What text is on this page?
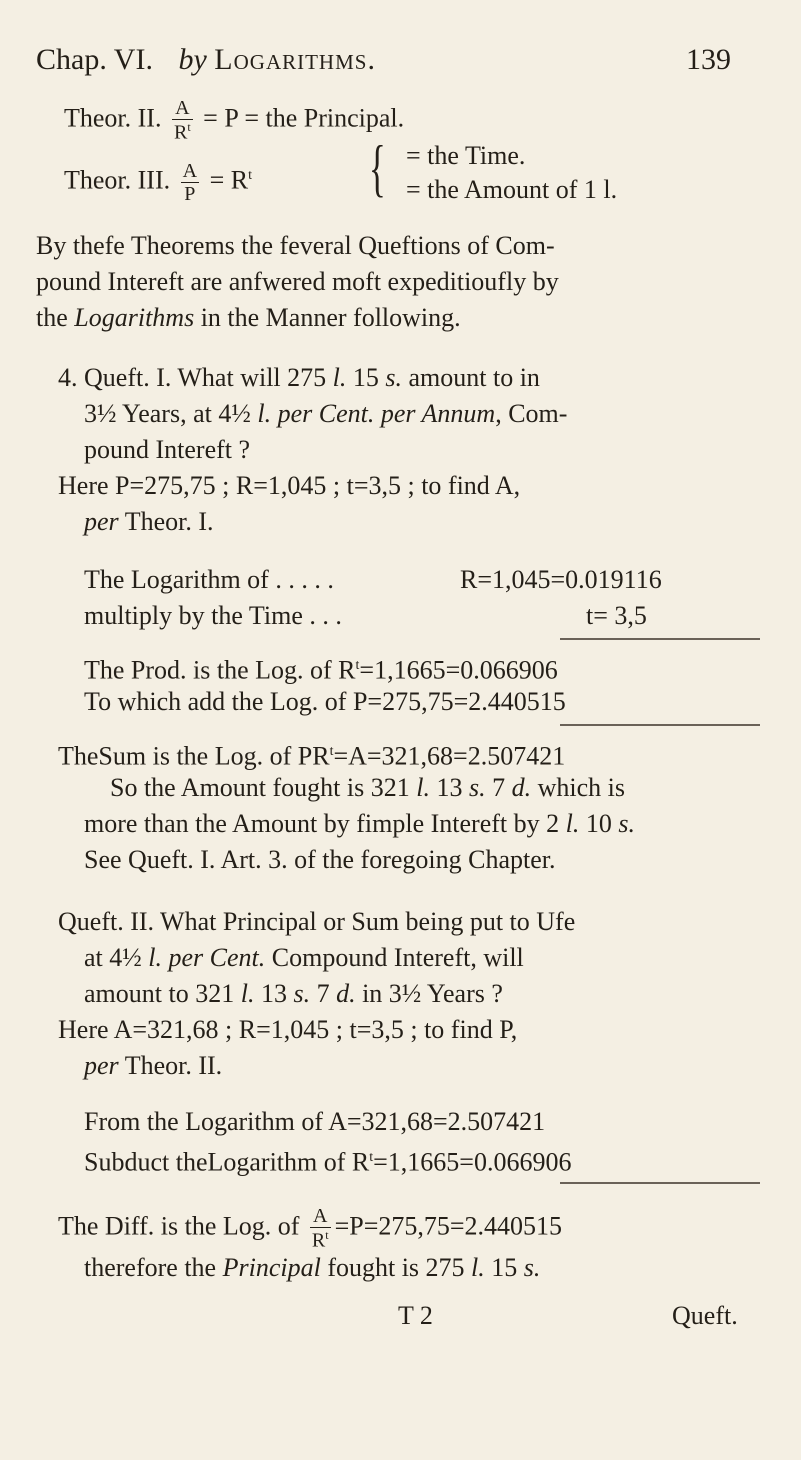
Chap. VI. by Logarithms.	139
Theor. II. $\frac{A}{R^t} = P$ = the Principal.
Theor. III. $\frac{A}{P} = R^t$ { = the Time.
= the Amount of 1 l.
By thefe Theorems the feveral Queftions of Com-
pound Intereft are anfwered moft expeditioufly by
the Logarithms in the Manner following.
4. Queft. I. What will 275 l. 15 s. amount to in
3½ Years, at 4½ l. per Cent. per Annum, Com-
pound Intereft ?
Here P=275,75 ; R=1,045 ; t=3,5 ; to find A,
per Theor. I.
The Logarithm of . . . . .	R=1,045=0.019116
multiply by the Time . . .	t= 3,5
The Prod. is the Log. of $R^t=1,1665=0.066906$
To which add the Log. of P=275,75=2.440515
TheSum is the Log. of $PR^t=A=321,68=2.507421$
So the Amount fought is 321 l. 13 s. 7 d. which is
more than the Amount by fimple Intereft by 2 l. 10 s.
See Queft. I. Art. 3. of the foregoing Chapter.
Queft. II. What Principal or Sum being put to Ufe
at 4½ l. per Cent. Compound Intereft, will
amount to 321 l. 13 s. 7 d. in 3½ Years ?
Here A=321,68 ; R=1,045 ; t=3,5 ; to find P,
per Theor. II.
From the Logarithm of A=321,68=2.507421
Subduct theLogarithm of $R^t=1,1665=0.066906$
The Diff. is the Log. of $\frac{A}{R^t} =P=275,75=2.440515$
therefore the Principal fought is 275 l. 15 s.
T 2	Queft.
